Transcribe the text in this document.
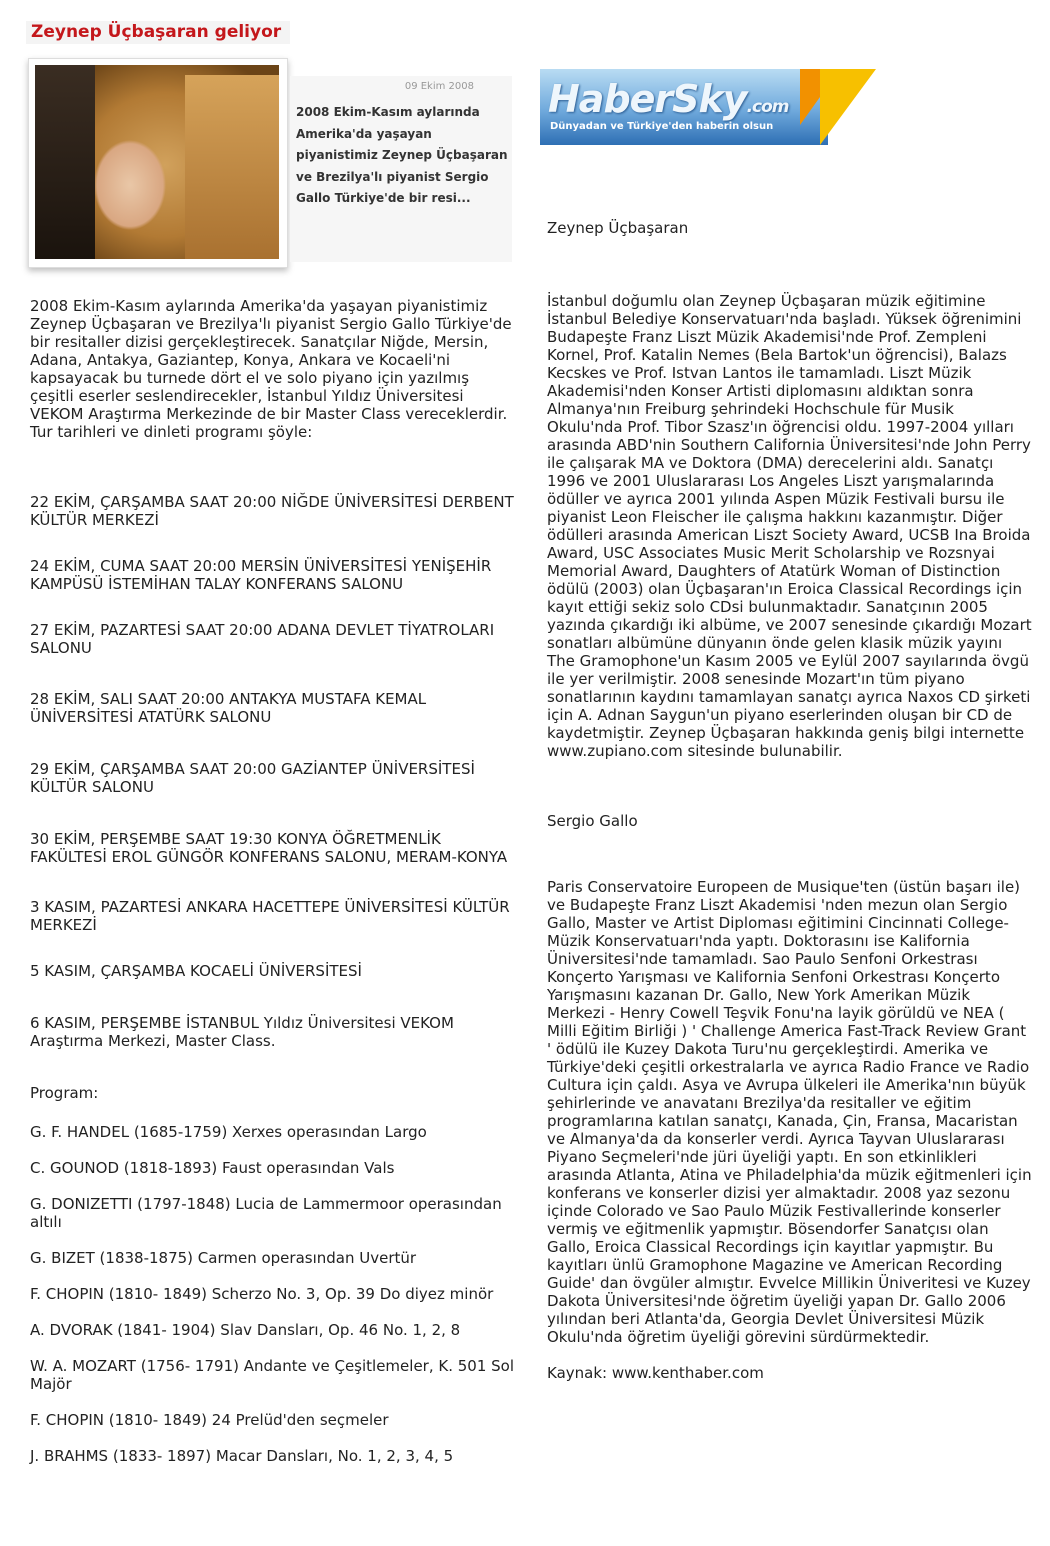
Zeynep Üçbaşaran geliyor
09 Ekim 2008
2008 Ekim-Kasım aylarında Amerika'da yaşayan piyanistimiz Zeynep Üçbaşaran ve Brezilya'lı piyanist Sergio Gallo Türkiye'de bir resi...
HaberSky.com
Dünyadan ve Türkiye'den haberin olsun

2008 Ekim-Kasım aylarında Amerika'da yaşayan piyanistimiz Zeynep Üçbaşaran ve Brezilya'lı piyanist Sergio Gallo Türkiye'de bir resitaller dizisi gerçekleştirecek. Sanatçılar Niğde, Mersin, Adana, Antakya, Gaziantep, Konya, Ankara ve Kocaeli'ni kapsayacak bu turnede dört el ve solo piyano için yazılmış çeşitli eserler seslendirecekler, İstanbul Yıldız Üniversitesi VEKOM Araştırma Merkezinde de bir Master Class vereceklerdir. Tur tarihleri ve dinleti programı şöyle:

22 EKİM, ÇARŞAMBA SAAT 20:00 NİĞDE ÜNİVERSİTESİ DERBENT KÜLTÜR MERKEZİ

24 EKİM, CUMA SAAT 20:00 MERSİN ÜNİVERSİTESİ YENİŞEHİR KAMPÜSÜ İSTEMİHAN TALAY KONFERANS SALONU

27 EKİM, PAZARTESİ SAAT 20:00 ADANA DEVLET TİYATROLARI SALONU

28 EKİM, SALI SAAT 20:00 ANTAKYA MUSTAFA KEMAL ÜNİVERSİTESİ ATATÜRK SALONU

29 EKİM, ÇARŞAMBA SAAT 20:00 GAZİANTEP ÜNİVERSİTESİ KÜLTÜR SALONU

30 EKİM, PERŞEMBE SAAT 19:30 KONYA ÖĞRETMENLİK FAKÜLTESİ EROL GÜNGÖR KONFERANS SALONU, MERAM-KONYA

3 KASIM, PAZARTESİ ANKARA HACETTEPE ÜNİVERSİTESİ KÜLTÜR MERKEZİ

5 KASIM, ÇARŞAMBA KOCAELİ ÜNİVERSİTESİ

6 KASIM, PERŞEMBE İSTANBUL Yıldız Üniversitesi VEKOM Araştırma Merkezi, Master Class.

Program:

G. F. HANDEL (1685-1759) Xerxes operasından Largo

C. GOUNOD (1818-1893) Faust operasından Vals

G. DONIZETTI (1797-1848) Lucia de Lammermoor operasından altılı

G. BIZET (1838-1875) Carmen operasından Uvertür

F. CHOPIN (1810- 1849) Scherzo No. 3, Op. 39 Do diyez minör

A. DVORAK (1841- 1904) Slav Dansları, Op. 46 No. 1, 2, 8

W. A. MOZART (1756- 1791) Andante ve Çeşitlemeler, K. 501 Sol Majör

F. CHOPIN (1810- 1849) 24 Prelüd'den seçmeler

J. BRAHMS (1833- 1897) Macar Dansları, No. 1, 2, 3, 4, 5

Zeynep Üçbaşaran

İstanbul doğumlu olan Zeynep Üçbaşaran müzik eğitimine İstanbul Belediye Konservatuarı'nda başladı. Yüksek öğrenimini Budapeşte Franz Liszt Müzik Akademisi'nde Prof. Zempleni Kornel, Prof. Katalin Nemes (Bela Bartok'un öğrencisi), Balazs Kecskes ve Prof. Istvan Lantos ile tamamladı. Liszt Müzik Akademisi'nden Konser Artisti diplomasını aldıktan sonra Almanya'nın Freiburg şehrindeki Hochschule für Musik Okulu'nda Prof. Tibor Szasz'ın öğrencisi oldu. 1997-2004 yılları arasında ABD'nin Southern California Üniversitesi'nde John Perry ile çalışarak MA ve Doktora (DMA) derecelerini aldı. Sanatçı 1996 ve 2001 Uluslararası Los Angeles Liszt yarışmalarında ödüller ve ayrıca 2001 yılında Aspen Müzik Festivali bursu ile piyanist Leon Fleischer ile çalışma hakkını kazanmıştır. Diğer ödülleri arasında American Liszt Society Award, UCSB Ina Broida Award, USC Associates Music Merit Scholarship ve Rozsnyai Memorial Award, Daughters of Atatürk Woman of Distinction ödülü (2003) olan Üçbaşaran'ın Eroica Classical Recordings için kayıt ettiği sekiz solo CDsi bulunmaktadır. Sanatçının 2005 yazında çıkardığı iki albüme, ve 2007 senesinde çıkardığı Mozart sonatları albümüne dünyanın önde gelen klasik müzik yayını The Gramophone'un Kasım 2005 ve Eylül 2007 sayılarında övgü ile yer verilmiştir. 2008 senesinde Mozart'ın tüm piyano sonatlarının kaydını tamamlayan sanatçı ayrıca Naxos CD şirketi için A. Adnan Saygun'un piyano eserlerinden oluşan bir CD de kaydetmiştir. Zeynep Üçbaşaran hakkında geniş bilgi internette www.zupiano.com sitesinde bulunabilir.

Sergio Gallo

Paris Conservatoire Europeen de Musique'ten (üstün başarı ile) ve Budapeşte Franz Liszt Akademisi 'nden mezun olan Sergio Gallo, Master ve Artist Diploması eğitimini Cincinnati College- Müzik Konservatuarı'nda yaptı. Doktorasını ise Kalifornia Üniversitesi'nde tamamladı. Sao Paulo Senfoni Orkestrası Konçerto Yarışması ve Kalifornia Senfoni Orkestrası Konçerto Yarışmasını kazanan Dr. Gallo, New York Amerikan Müzik Merkezi - Henry Cowell Teşvik Fonu'na layik görüldü ve NEA ( Milli Eğitim Birliği ) ' Challenge America Fast-Track Review Grant ' ödülü ile Kuzey Dakota Turu'nu gerçekleştirdi. Amerika ve Türkiye'deki çeşitli orkestralarla ve ayrıca Radio France ve Radio Cultura için çaldı. Asya ve Avrupa ülkeleri ile Amerika'nın büyük şehirlerinde ve anavatanı Brezilya'da resitaller ve eğitim programlarına katılan sanatçı, Kanada, Çin, Fransa, Macaristan ve Almanya'da da konserler verdi. Ayrıca Tayvan Uluslararası Piyano Seçmeleri'nde jüri üyeliği yaptı. En son etkinlikleri arasında Atlanta, Atina ve Philadelphia'da müzik eğitmenleri için konferans ve konserler dizisi yer almaktadır. 2008 yaz sezonu içinde Colorado ve Sao Paulo Müzik Festivallerinde konserler vermiş ve eğitmenlik yapmıştır. Bösendorfer Sanatçısı olan Gallo, Eroica Classical Recordings için kayıtlar yapmıştır. Bu kayıtları ünlü Gramophone Magazine ve American Recording Guide' dan övgüler almıştır. Evvelce Millikin Üniveritesi ve Kuzey Dakota Üniversitesi'nde öğretim üyeliği yapan Dr. Gallo 2006 yılından beri Atlanta'da, Georgia Devlet Üniversitesi Müzik Okulu'nda öğretim üyeliği görevini sürdürmektedir.

Kaynak: www.kenthaber.com
